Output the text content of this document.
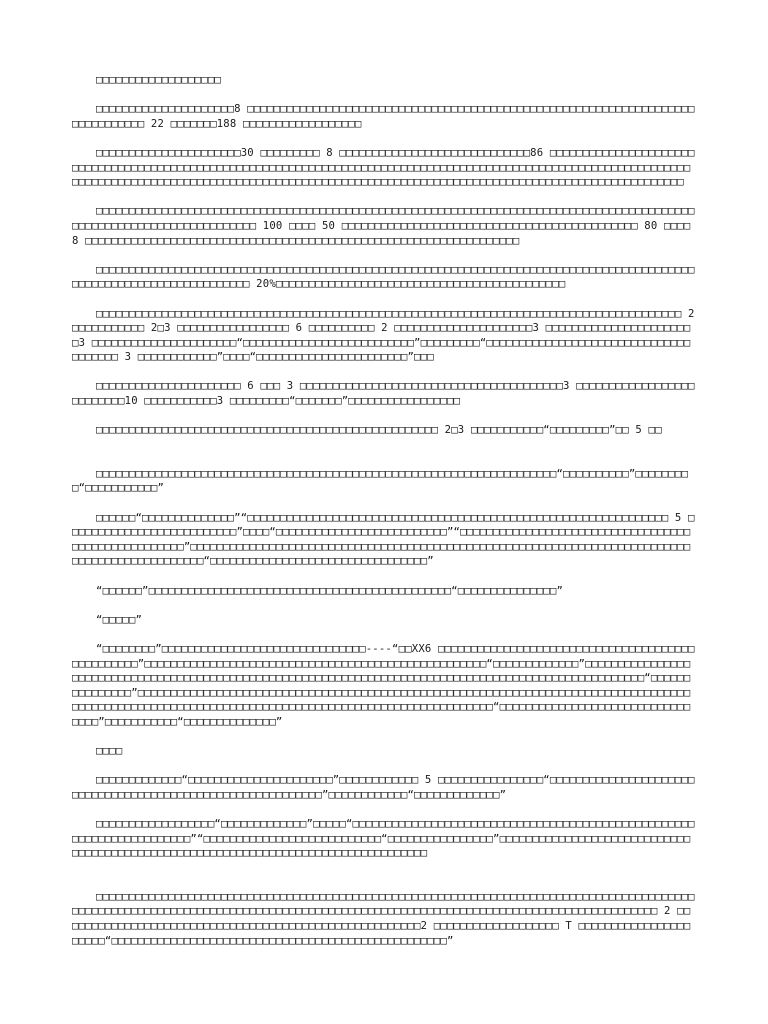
□□□□□□□□□□□□□□□□□□□

□□□□□□□□□□□□□□□□□□□□□8 □□□□□□□□□□□□□□□□□□□□□□□□□□□□□□□□□□□□□□□□□□□□□□□□□□□□□□□□□□□□□□□□□□□□□□□□□□□□□□□ 22 □□□□□□□188 □□□□□□□□□□□□□□□□□□

□□□□□□□□□□□□□□□□□□□□□□30 □□□□□□□□□ 8 □□□□□□□□□□□□□□□□□□□□□□□□□□□□□86 □□□□□□□□□□□□□□□□□□□□□□□□□□□□□□□□□□□□□□□□□□□□□□□□□□□□□□□□□□□□□□□□□□□□□□□□□□□□□□□□□□□□□□□□□□□□□□□□□□□□□□□□□□□□□□□□□□□□□□□□□□□□□□□□□□□□□□□□□□□□□□□□□□□□□□□□□□□□□□□□□□□□□□□□□□□□□□□□□□□□□□□□□□□□□□□□□□□□□□□□□□□□□□□□□

□□□□□□□□□□□□□□□□□□□□□□□□□□□□□□□□□□□□□□□□□□□□□□□□□□□□□□□□□□□□□□□□□□□□□□□□□□□□□□□□□□□□□□□□□□□□□□□□□□□□□□□□□□□□□□□□□□□□□□□ 100 □□□□ 50 □□□□□□□□□□□□□□□□□□□□□□□□□□□□□□□□□□□□□□□□□□□□□ 80 □□□□ 8 □□□□□□□□□□□□□□□□□□□□□□□□□□□□□□□□□□□□□□□□□□□□□□□□□□□□□□□□□□□□□□□□□□

□□□□□□□□□□□□□□□□□□□□□□□□□□□□□□□□□□□□□□□□□□□□□□□□□□□□□□□□□□□□□□□□□□□□□□□□□□□□□□□□□□□□□□□□□□□□□□□□□□□□□□□□□□□□□□□□□□□□□□ 20%□□□□□□□□□□□□□□□□□□□□□□□□□□□□□□□□□□□□□□□□□□□□

□□□□□□□□□□□□□□□□□□□□□□□□□□□□□□□□□□□□□□□□□□□□□□□□□□□□□□□□□□□□□□□□□□□□□□□□□□□□□□□□□□□□□□□□□ 2 □□□□□□□□□□□ 2□3 □□□□□□□□□□□□□□□□□ 6 □□□□□□□□□□ 2 □□□□□□□□□□□□□□□□□□□□□3 □□□□□□□□□□□□□□□□□□□□□□□3 □□□□□□□□□□□□□□□□□□□□□□“□□□□□□□□□□□□□□□□□□□□□□□□□□”□□□□□□□□□“□□□□□□□□□□□□□□□□□□□□□□□□□□□□□□□□□□□□□□ 3 □□□□□□□□□□□□”□□□□“□□□□□□□□□□□□□□□□□□□□□□□”□□□

□□□□□□□□□□□□□□□□□□□□□□ 6 □□□ 3 □□□□□□□□□□□□□□□□□□□□□□□□□□□□□□□□□□□□□□□□3 □□□□□□□□□□□□□□□□□□□□□□□□□□10 □□□□□□□□□□□3 □□□□□□□□□“□□□□□□□”□□□□□□□□□□□□□□□□□

□□□□□□□□□□□□□□□□□□□□□□□□□□□□□□□□□□□□□□□□□□□□□□□□□□□□ 2□3 □□□□□□□□□□□“□□□□□□□□□”□□ 5 □□

□□□□□□□□□□□□□□□□□□□□□□□□□□□□□□□□□□□□□□□□□□□□□□□□□□□□□□□□□□□□□□□□□□□□□□“□□□□□□□□□□”□□□□□□□□□“□□□□□□□□□□□”

□□□□□□“□□□□□□□□□□□□□□”“□□□□□□□□□□□□□□□□□□□□□□□□□□□□□□□□□□□□□□□□□□□□□□□□□□□□□□□□□□□□□□□□ 5 □□□□□□□□□□□□□□□□□□□□□□□□□□”□□□□“□□□□□□□□□□□□□□□□□□□□□□□□□□”“□□□□□□□□□□□□□□□□□□□□□□□□□□□□□□□□□□□□□□□□□□□□□□□□□□□□”□□□□□□□□□□□□□□□□□□□□□□□□□□□□□□□□□□□□□□□□□□□□□□□□□□□□□□□□□□□□□□□□□□□□□□□□□□□□□□□□□□□□□□□□□□□□□□□□“□□□□□□□□□□□□□□□□□□□□□□□□□□□□□□□□□”

“□□□□□□”□□□□□□□□□□□□□□□□□□□□□□□□□□□□□□□□□□□□□□□□□□□□□□“□□□□□□□□□□□□□□□”

“□□□□□”

“□□□□□□□□”□□□□□□□□□□□□□□□□□□□□□□□□□□□□□□□----“□□XX6 □□□□□□□□□□□□□□□□□□□□□□□□□□□□□□□□□□□□□□□□□□□□□□□□□”□□□□□□□□□□□□□□□□□□□□□□□□□□□□□□□□□□□□□□□□□□□□□□□□□□□□“□□□□□□□□□□□□□”□□□□□□□□□□□□□□□□□□□□□□□□□□□□□□□□□□□□□□□□□□□□□□□□□□□□□□□□□□□□□□□□□□□□□□□□□□□□□□□□□□□□□□□□□□□□□□□□□□□□□□□“□□□□□□□□□□□□□□□”□□□□□□□□□□□□□□□□□□□□□□□□□□□□□□□□□□□□□□□□□□□□□□□□□□□□□□□□□□□□□□□□□□□□□□□□□□□□□□□□□□□□□□□□□□□□□□□□□□□□□□□□□□□□□□□□□□□□□□□□□□□□□□□□□□□□□□□□□□□□□□□□□□□□“□□□□□□□□□□□□□□□□□□□□□□□□□□□□□□□□□”□□□□□□□□□□□“□□□□□□□□□□□□□□”

□□□□

□□□□□□□□□□□□□“□□□□□□□□□□□□□□□□□□□□□□”□□□□□□□□□□□□ 5 □□□□□□□□□□□□□□□□“□□□□□□□□□□□□□□□□□□□□□□□□□□□□□□□□□□□□□□□□□□□□□□□□□□□□□□□□□□□□”□□□□□□□□□□□□“□□□□□□□□□□□□□”

□□□□□□□□□□□□□□□□□□“□□□□□□□□□□□□□”□□□□□“□□□□□□□□□□□□□□□□□□□□□□□□□□□□□□□□□□□□□□□□□□□□□□□□□□□□□□□□□□□□□□□□□□□□□□”“□□□□□□□□□□□□□□□□□□□□□□□□□□□“□□□□□□□□□□□□□□□□”□□□□□□□□□□□□□□□□□□□□□□□□□□□□□□□□□□□□□□□□□□□□□□□□□□□□□□□□□□□□□□□□□□□□□□□□□□□□□□□□□□□

□□□□□□□□□□□□□□□□□□□□□□□□□□□□□□□□□□□□□□□□□□□□□□□□□□□□□□□□□□□□□□□□□□□□□□□□□□□□□□□□□□□□□□□□□□□□□□□□□□□□□□□□□□□□□□□□□□□□□□□□□□□□□□□□□□□□□□□□□□□□□□□□□□□□□□□□□□□□□□□□□□□□□□□□□□□□□□□□□□□□ 2 □□□□□□□□□□□□□□□□□□□□□□□□□□□□□□□□□□□□□□□□□□□□□□□□□□□□□□□2 □□□□□□□□□□□□□□□□□□□ T □□□□□□□□□□□□□□□□□□□□□□“□□□□□□□□□□□□□□□□□□□□□□□□□□□□□□□□□□□□□□□□□□□□□□□□□□□”
